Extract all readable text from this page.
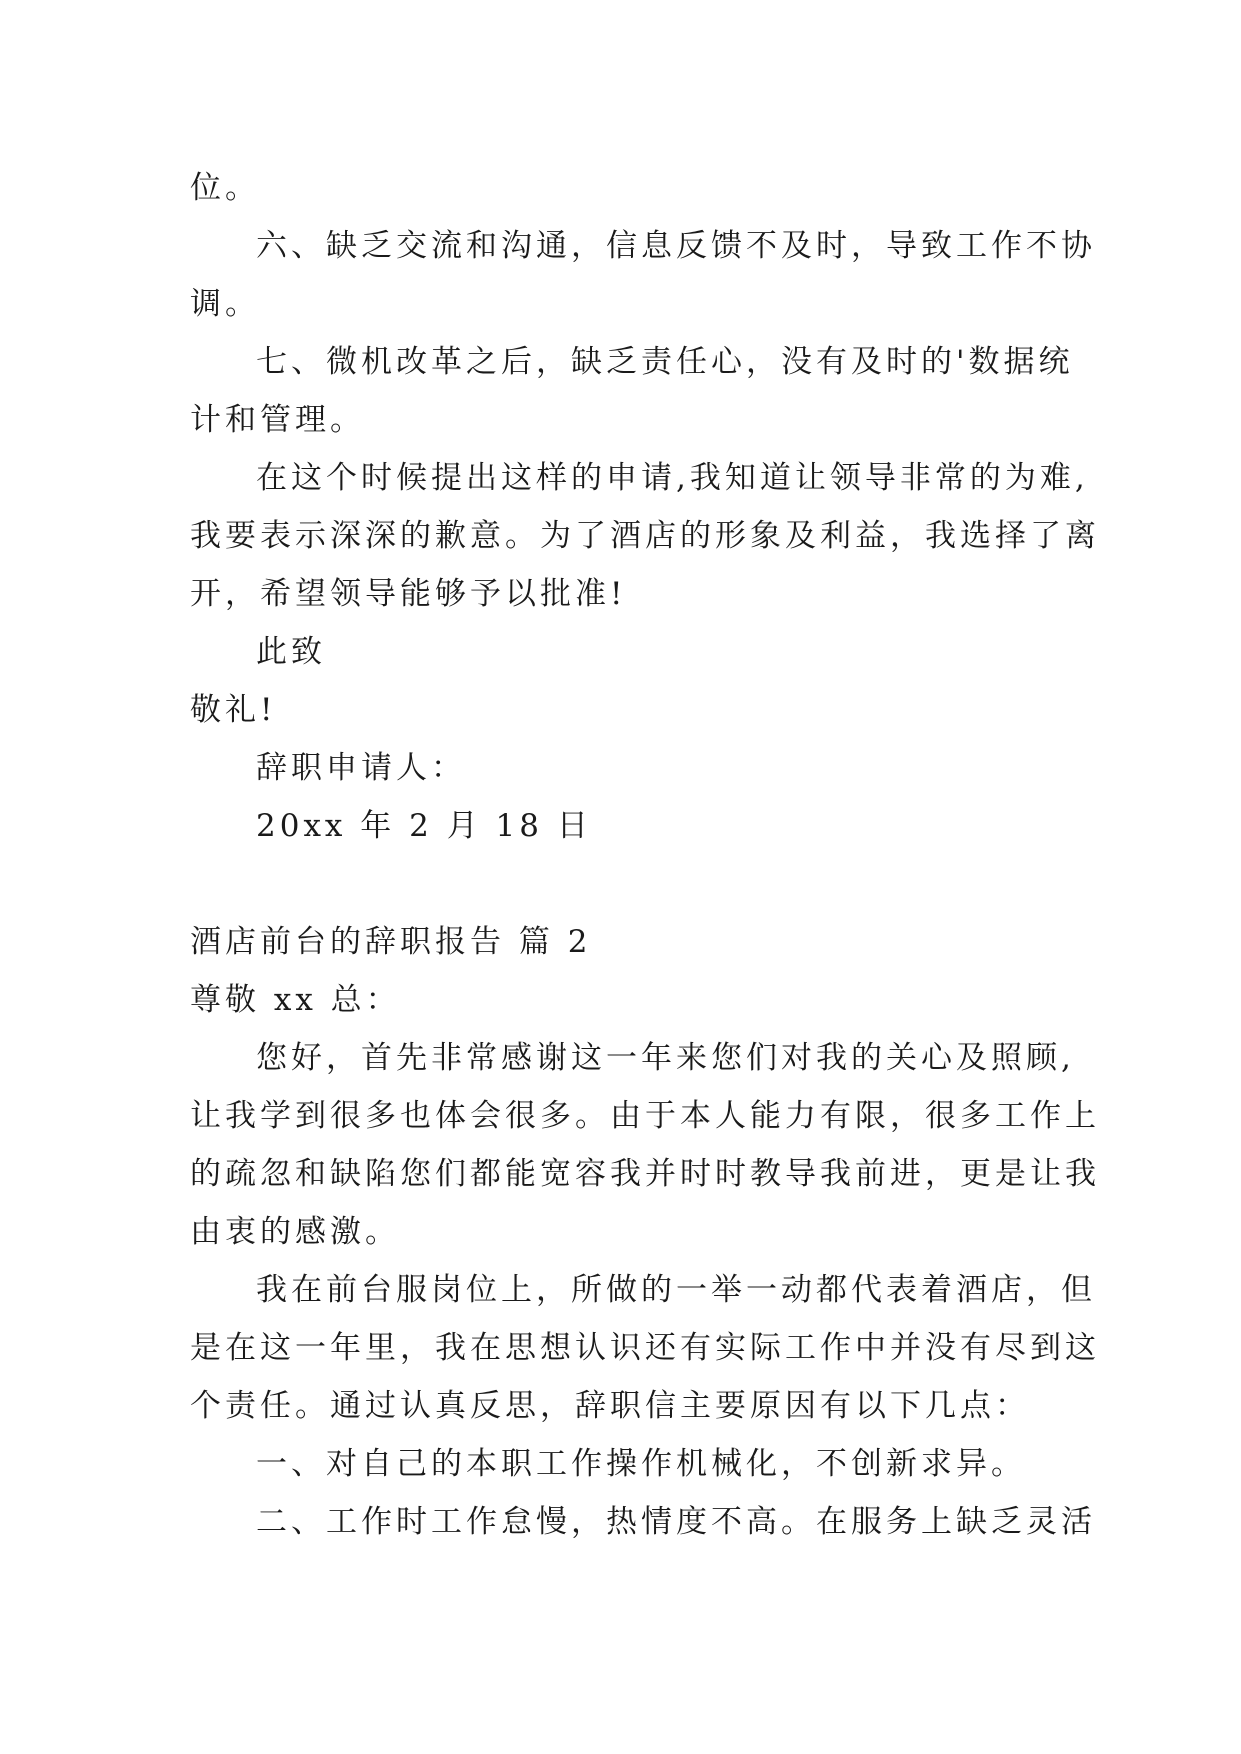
位。
六、缺乏交流和沟通，信息反馈不及时，导致工作不协
调。
七、微机改革之后，缺乏责任心，没有及时的'数据统
计和管理。
在这个时候提出这样的申请,我知道让领导非常的为难,
我要表示深深的歉意。为了酒店的形象及利益，我选择了离
开，希望领导能够予以批准!
此致
敬礼!
辞职申请人：
20xx 年 2 月 18 日
酒店前台的辞职报告 篇 2
尊敬 xx 总：
您好，首先非常感谢这一年来您们对我的关心及照顾,
让我学到很多也体会很多。由于本人能力有限，很多工作上
的疏忽和缺陷您们都能宽容我并时时教导我前进，更是让我
由衷的感激。
我在前台服岗位上，所做的一举一动都代表着酒店，但
是在这一年里，我在思想认识还有实际工作中并没有尽到这
个责任。通过认真反思，辞职信主要原因有以下几点：
一、对自己的本职工作操作机械化，不创新求异。
二、工作时工作怠慢，热情度不高。在服务上缺乏灵活
